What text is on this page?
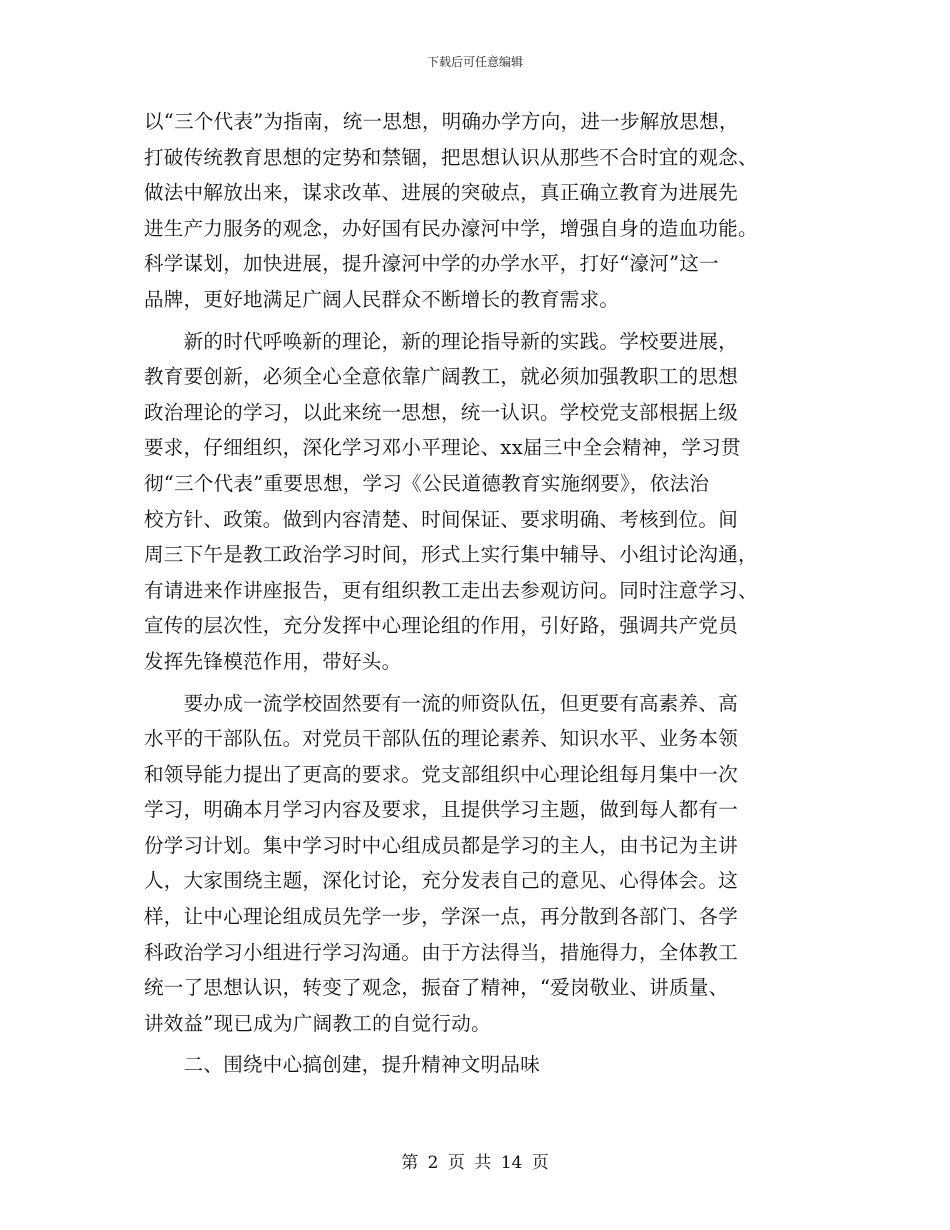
下载后可任意编辑
以“三个代表”为指南，统一思想，明确办学方向，进一步解放思想，
打破传统教育思想的定势和禁锢，把思想认识从那些不合时宜的观念、
做法中解放出来，谋求改革、进展的突破点，真正确立教育为进展先
进生产力服务的观念，办好国有民办濠河中学，增强自身的造血功能。
科学谋划，加快进展，提升濠河中学的办学水平，打好“濠河”这一
品牌，更好地满足广阔人民群众不断增长的教育需求。
　　新的时代呼唤新的理论，新的理论指导新的实践。学校要进展，
教育要创新，必须全心全意依靠广阔教工，就必须加强教职工的思想
政治理论的学习，以此来统一思想，统一认识。学校党支部根据上级
要求，仔细组织，深化学习邓小平理论、xx届三中全会精神，学习贯
彻“三个代表”重要思想，学习《公民道德教育实施纲要》，依法治
校方针、政策。做到内容清楚、时间保证、要求明确、考核到位。间
周三下午是教工政治学习时间，形式上实行集中辅导、小组讨论沟通，
有请进来作讲座报告，更有组织教工走出去参观访问。同时注意学习、
宣传的层次性，充分发挥中心理论组的作用，引好路，强调共产党员
发挥先锋模范作用，带好头。
　　要办成一流学校固然要有一流的师资队伍，但更要有高素养、高
水平的干部队伍。对党员干部队伍的理论素养、知识水平、业务本领
和领导能力提出了更高的要求。党支部组织中心理论组每月集中一次
学习，明确本月学习内容及要求，且提供学习主题，做到每人都有一
份学习计划。集中学习时中心组成员都是学习的主人，由书记为主讲
人，大家围绕主题，深化讨论，充分发表自己的意见、心得体会。这
样，让中心理论组成员先学一步，学深一点，再分散到各部门、各学
科政治学习小组进行学习沟通。由于方法得当，措施得力，全体教工
统一了思想认识，转变了观念，振奋了精神，“爱岗敬业、讲质量、
讲效益”现已成为广阔教工的自觉行动。
　　二、围绕中心搞创建，提升精神文明品味
第 2 页 共 14 页
